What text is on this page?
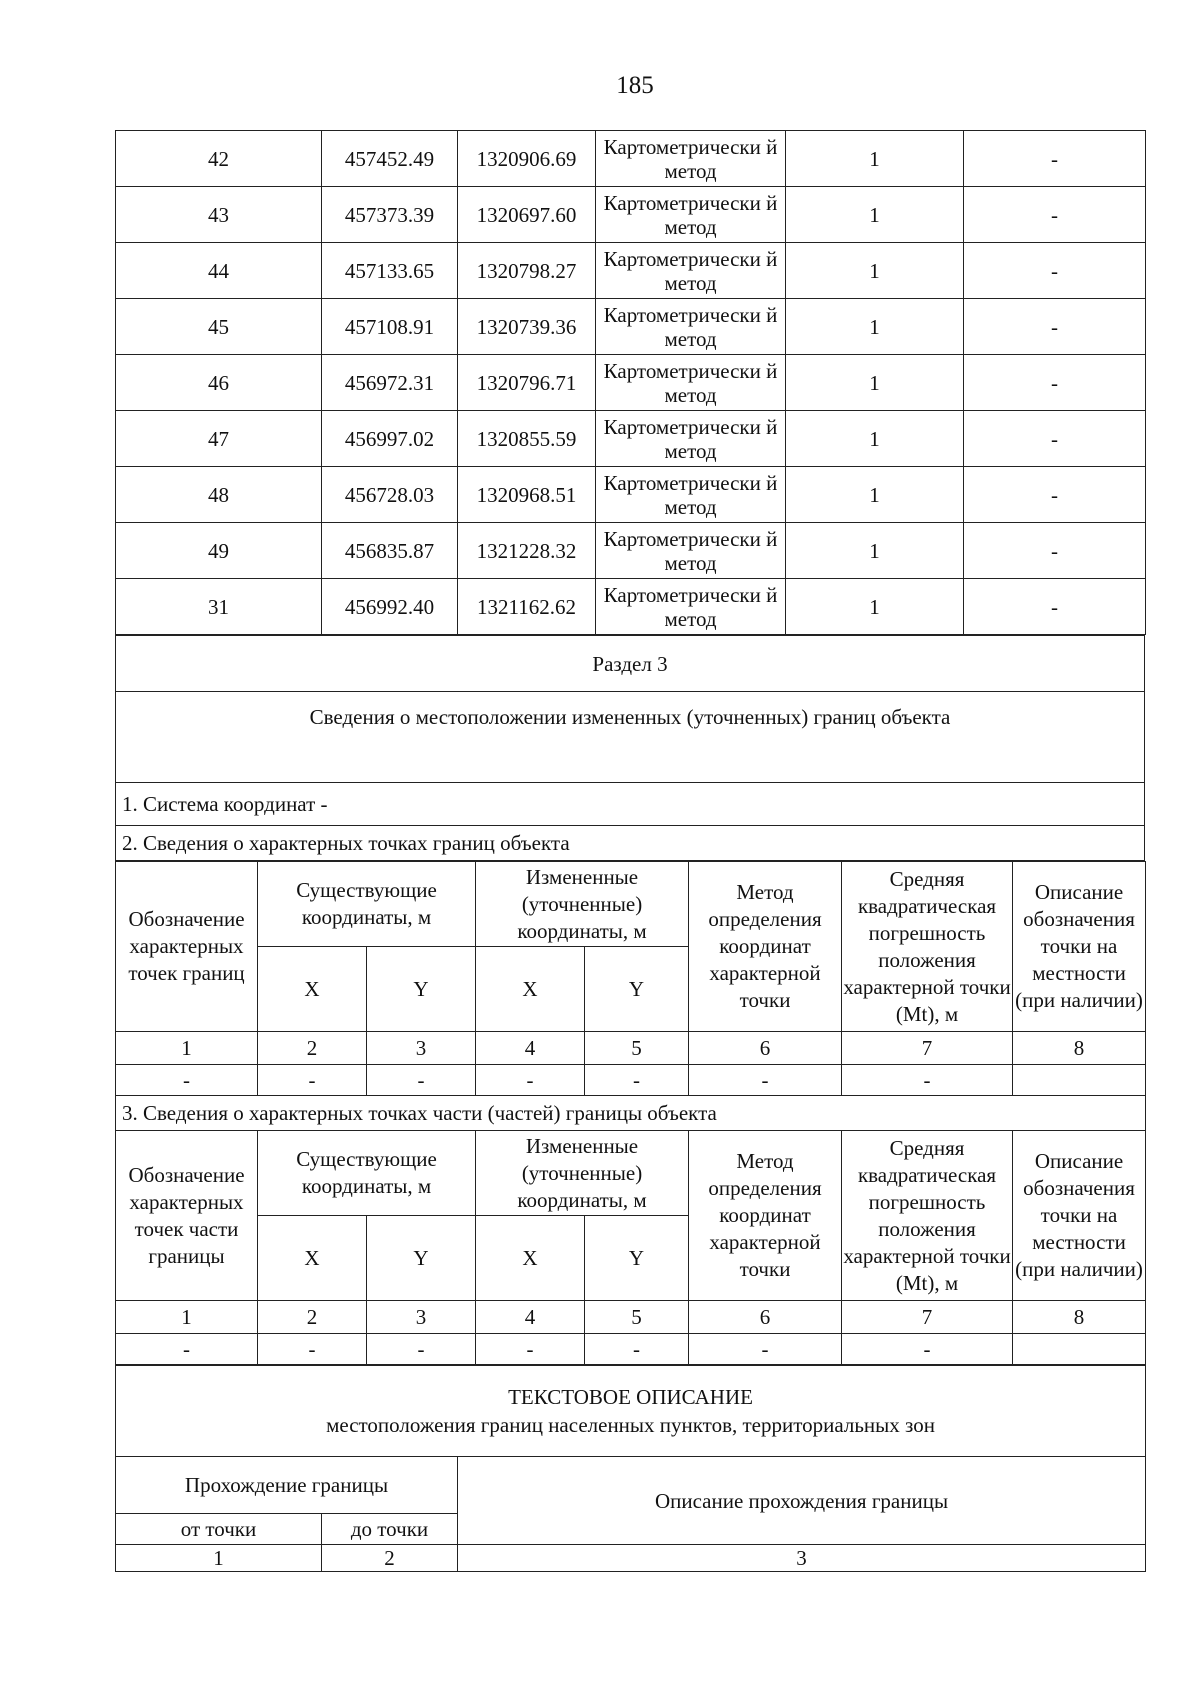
185
42	457452.49	1320906.69	Картометрически й метод	1	-
43	457373.39	1320697.60	Картометрически й метод	1	-
44	457133.65	1320798.27	Картометрически й метод	1	-
45	457108.91	1320739.36	Картометрически й метод	1	-
46	456972.31	1320796.71	Картометрически й метод	1	-
47	456997.02	1320855.59	Картометрически й метод	1	-
48	456728.03	1320968.51	Картометрически й метод	1	-
49	456835.87	1321228.32	Картометрически й метод	1	-
31	456992.40	1321162.62	Картометрически й метод	1	-
Раздел 3
Сведения о местоположении измененных (уточненных) границ объекта
1. Система координат -
2. Сведения о характерных точках границ объекта
Обозначение характерных точек границ	Существующие координаты, м		Измененные (уточненные) координаты, м		Метод определения координат характерной точки	Средняя квадратическая погрешность положения характерной точки (Mt), м	Описание обозначения точки на местности (при наличии)
	X	Y	X	Y			
1	2	3	4	5	6	7	8
-	-	-	-	-	-	-	
3. Сведения о характерных точках части (частей) границы объекта							
Обозначение характерных точек части границы	Существующие координаты, м		Измененные (уточненные) координаты, м		Метод определения координат характерной точки	Средняя квадратическая погрешность положения характерной точки (Mt), м	Описание обозначения точки на местности (при наличии)
	X	Y	X	Y			
1	2	3	4	5	6	7	8
-	-	-	-	-	-	-	
ТЕКСТОВОЕ ОПИСАНИЕ
местоположения границ населенных пунктов, территориальных зон		

Прохождение границы		Описание прохождения границы
от точки	до точки	
1	2	3
